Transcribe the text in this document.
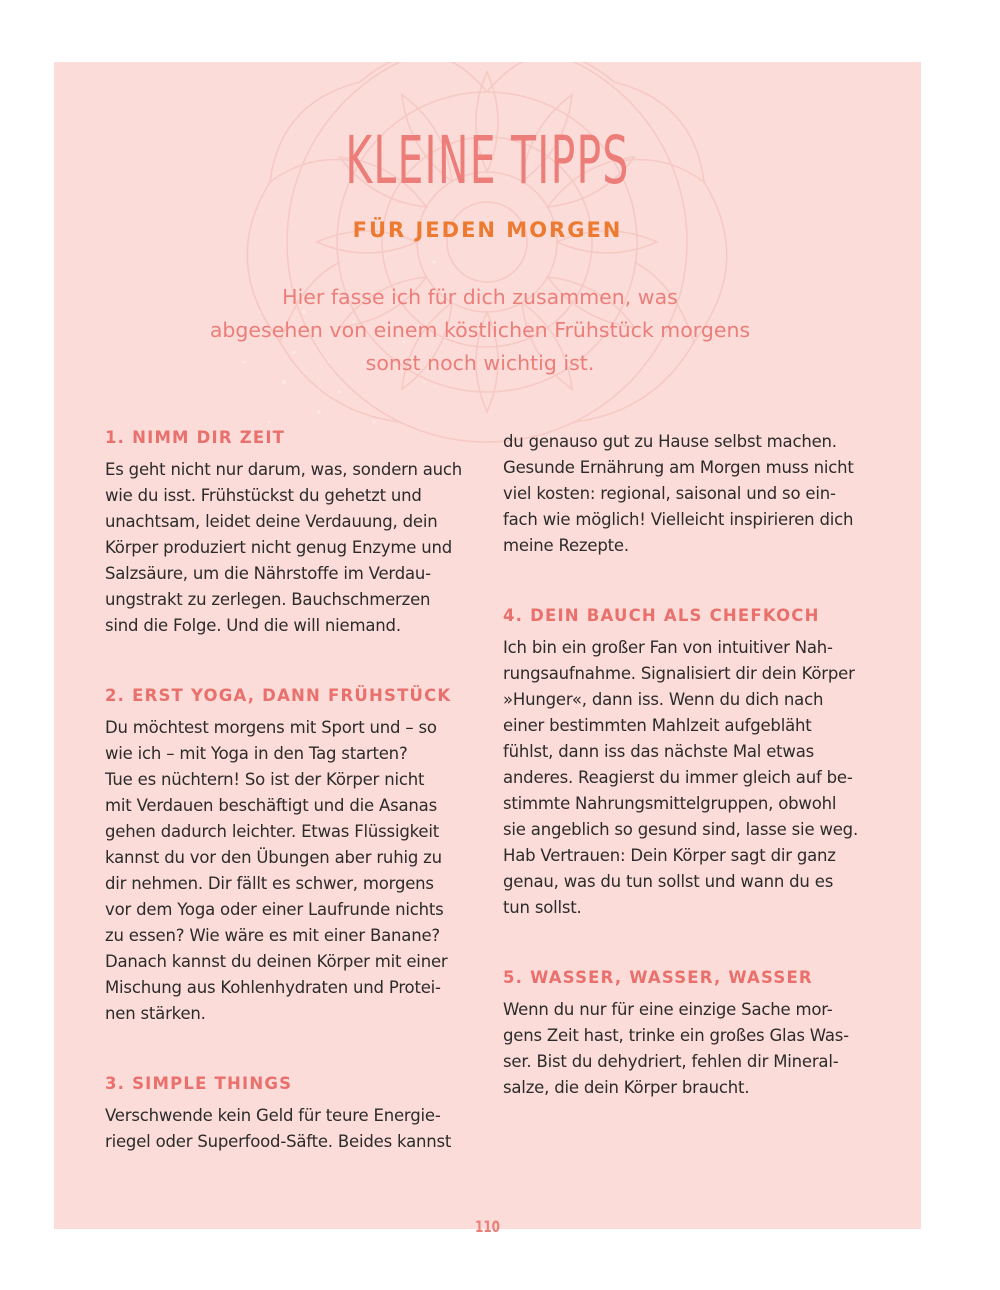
KLEINE TIPPS
FÜR JEDEN MORGEN

Hier fasse ich für dich zusammen, was
abgesehen von einem köstlichen Frühstück morgens
sonst noch wichtig ist.

1. NIMM DIR ZEIT

Es geht nicht nur darum, was, sondern auch
wie du isst. Frühstückst du gehetzt und
unachtsam, leidet deine Verdauung, dein
Körper produziert nicht genug Enzyme und
Salzsäure, um die Nährstoffe im Verdau-
ungstrakt zu zerlegen. Bauchschmerzen
sind die Folge. Und die will niemand.

2. ERST YOGA, DANN FRÜHSTÜCK

Du möchtest morgens mit Sport und – so
wie ich – mit Yoga in den Tag starten?
Tue es nüchtern! So ist der Körper nicht
mit Verdauen beschäftigt und die Asanas
gehen dadurch leichter. Etwas Flüssigkeit
kannst du vor den Übungen aber ruhig zu
dir nehmen. Dir fällt es schwer, morgens
vor dem Yoga oder einer Laufrunde nichts
zu essen? Wie wäre es mit einer Banane?
Danach kannst du deinen Körper mit einer
Mischung aus Kohlenhydraten und Protei-
nen stärken.

3. SIMPLE THINGS

Verschwende kein Geld für teure Energie-
riegel oder Superfood-Säfte. Beides kannst

du genauso gut zu Hause selbst machen.
Gesunde Ernährung am Morgen muss nicht
viel kosten: regional, saisonal und so ein-
fach wie möglich! Vielleicht inspirieren dich
meine Rezepte.

4. DEIN BAUCH ALS CHEFKOCH

Ich bin ein großer Fan von intuitiver Nah-
rungsaufnahme. Signalisiert dir dein Körper
»Hunger«, dann iss. Wenn du dich nach
einer bestimmten Mahlzeit aufgebläht
fühlst, dann iss das nächste Mal etwas
anderes. Reagierst du immer gleich auf be-
stimmte Nahrungsmittelgruppen, obwohl
sie angeblich so gesund sind, lasse sie weg.
Hab Vertrauen: Dein Körper sagt dir ganz
genau, was du tun sollst und wann du es
tun sollst.

5. WASSER, WASSER, WASSER

Wenn du nur für eine einzige Sache mor-
gens Zeit hast, trinke ein großes Glas Was-
ser. Bist du dehydriert, fehlen dir Mineral-
salze, die dein Körper braucht.

110
